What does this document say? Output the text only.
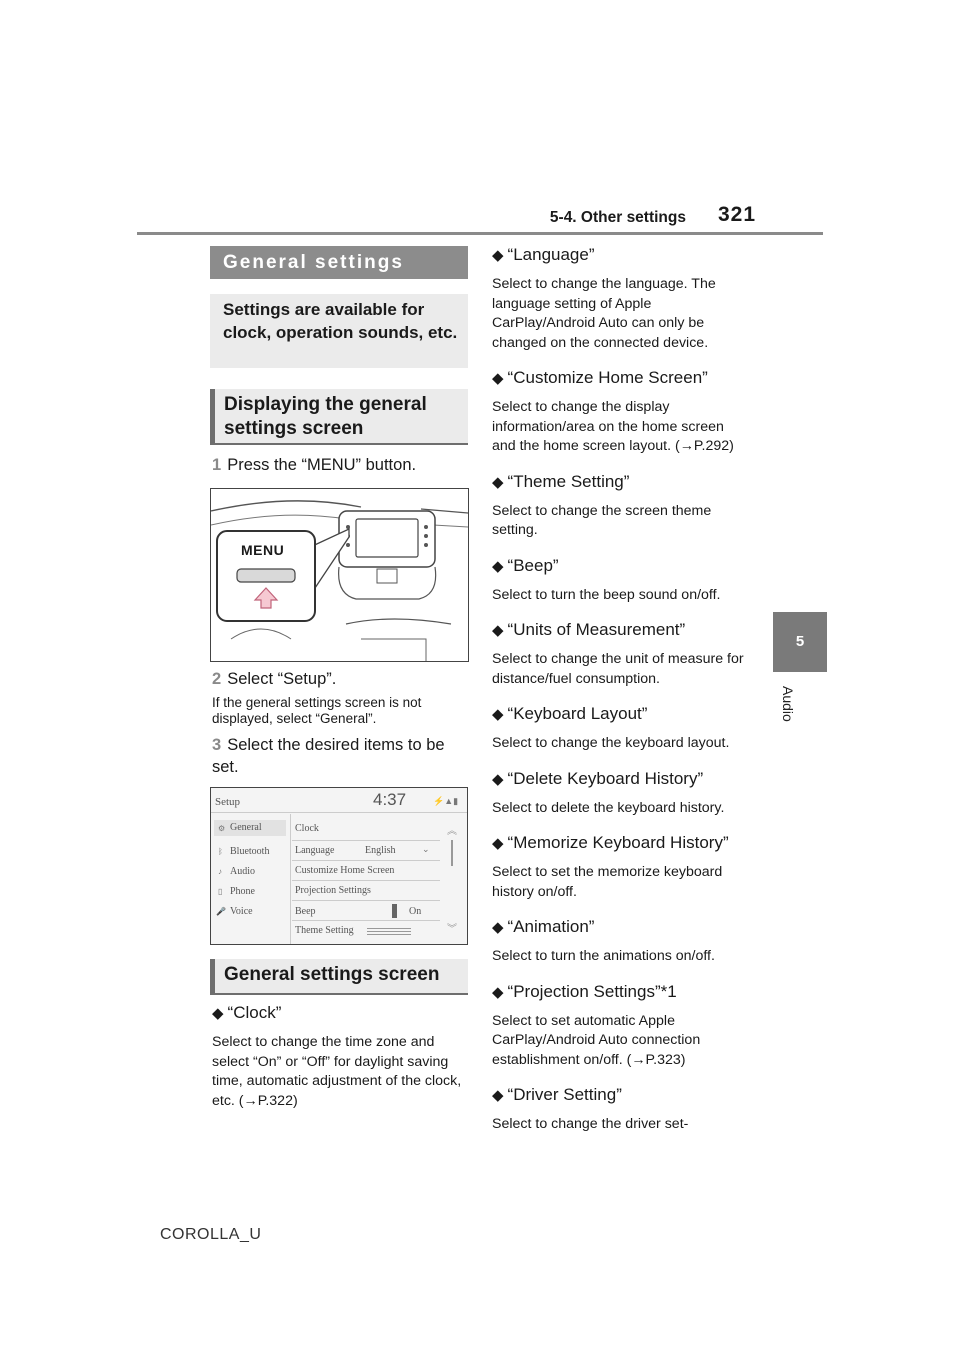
5-4. Other settings 321
5
Audio
General settings
Settings are available for clock, operation sounds, etc.
Displaying the general settings screen
1 Press the “MENU” button.
MENU
2 Select “Setup”.
If the general settings screen is not displayed, select “General”.
3 Select the desired items to be set.
Setup	4:37	⚡▲▮
General
Bluetooth
Audio
Phone
Voice
⚙
ᛒ
♪
▯
🎤
Clock
Language	English	⌄
Customize Home Screen
Projection Settings
Beep	On
Theme Setting
︽
︾
General settings screen
◆ “Clock”
Select to change the time zone and select “On” or “Off” for daylight saving time, automatic adjustment of the clock, etc. (→P.322)
◆ “Language”
Select to change the language. The language setting of Apple CarPlay/Android Auto can only be changed on the connected device.
◆ “Customize Home Screen”
Select to change the display information/area on the home screen and the home screen layout. (→P.292)
◆ “Theme Setting”
Select to change the screen theme setting.
◆ “Beep”
Select to turn the beep sound on/off.
◆ “Units of Measurement”
Select to change the unit of measure for distance/fuel consumption.
◆ “Keyboard Layout”
Select to change the keyboard layout.
◆ “Delete Keyboard History”
Select to delete the keyboard history.
◆ “Memorize Keyboard History”
Select to set the memorize keyboard history on/off.
◆ “Animation”
Select to turn the animations on/off.
◆ “Projection Settings”*1
Select to set automatic Apple CarPlay/Android Auto connection establishment on/off. (→P.323)
◆ “Driver Setting”
Select to change the driver set-
COROLLA_U
